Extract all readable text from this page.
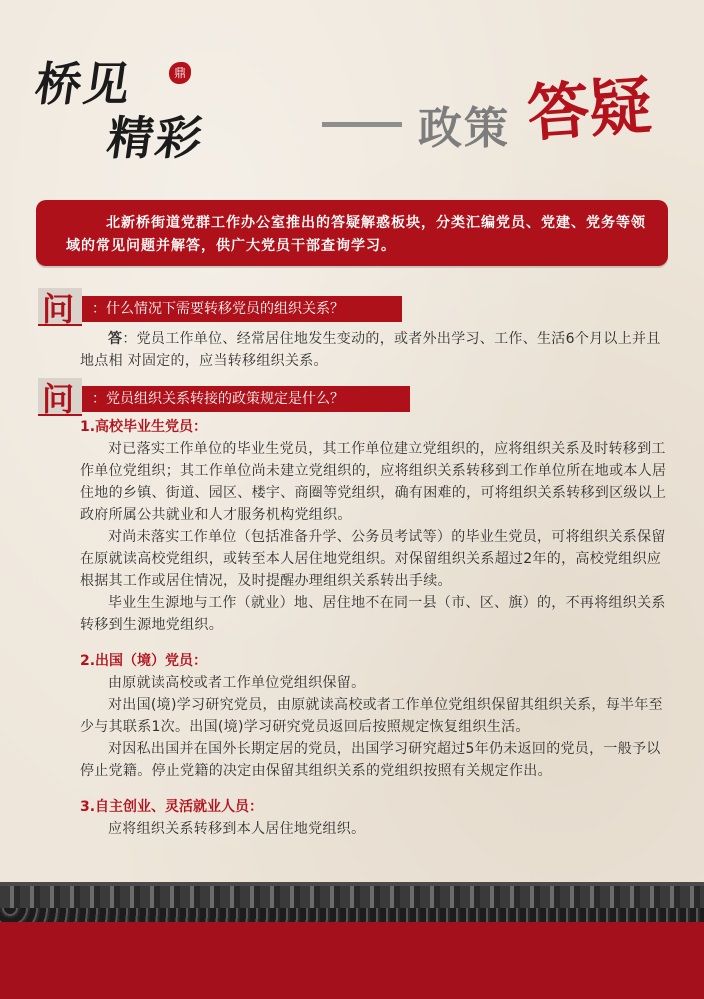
桥见	鼎
精彩	政策 答疑

北新桥街道党群工作办公室推出的答疑解惑板块，分类汇编党员、党建、党务等领域的常见问题并解答，供广大党员干部查询学习。

问 ：什么情况下需要转移党员的组织关系？

答：党员工作单位、经常居住地发生变动的，或者外出学习、工作、生活6个月以上并且地点相 对固定的，应当转移组织关系。

问 ：党员组织关系转接的政策规定是什么？

1.高校毕业生党员：

对已落实工作单位的毕业生党员，其工作单位建立党组织的，应将组织关系及时转移到工作单位党组织；其工作单位尚未建立党组织的，应将组织关系转移到工作单位所在地或本人居住地的乡镇、街道、园区、楼宇、商圈等党组织，确有困难的，可将组织关系转移到区级以上政府所属公共就业和人才服务机构党组织。

对尚未落实工作单位（包括准备升学、公务员考试等）的毕业生党员，可将组织关系保留在原就读高校党组织，或转至本人居住地党组织。对保留组织关系超过2年的，高校党组织应根据其工作或居住情况，及时提醒办理组织关系转出手续。

毕业生生源地与工作（就业）地、居住地不在同一县（市、区、旗）的，不再将组织关系转移到生源地党组织。

2.出国（境）党员：

由原就读高校或者工作单位党组织保留。

对出国(境)学习研究党员，由原就读高校或者工作单位党组织保留其组织关系，每半年至少与其联系1次。出国(境)学习研究党员返回后按照规定恢复组织生活。

对因私出国并在国外长期定居的党员，出国学习研究超过5年仍未返回的党员，一般予以停止党籍。停止党籍的决定由保留其组织关系的党组织按照有关规定作出。

3.自主创业、灵活就业人员：

应将组织关系转移到本人居住地党组织。
